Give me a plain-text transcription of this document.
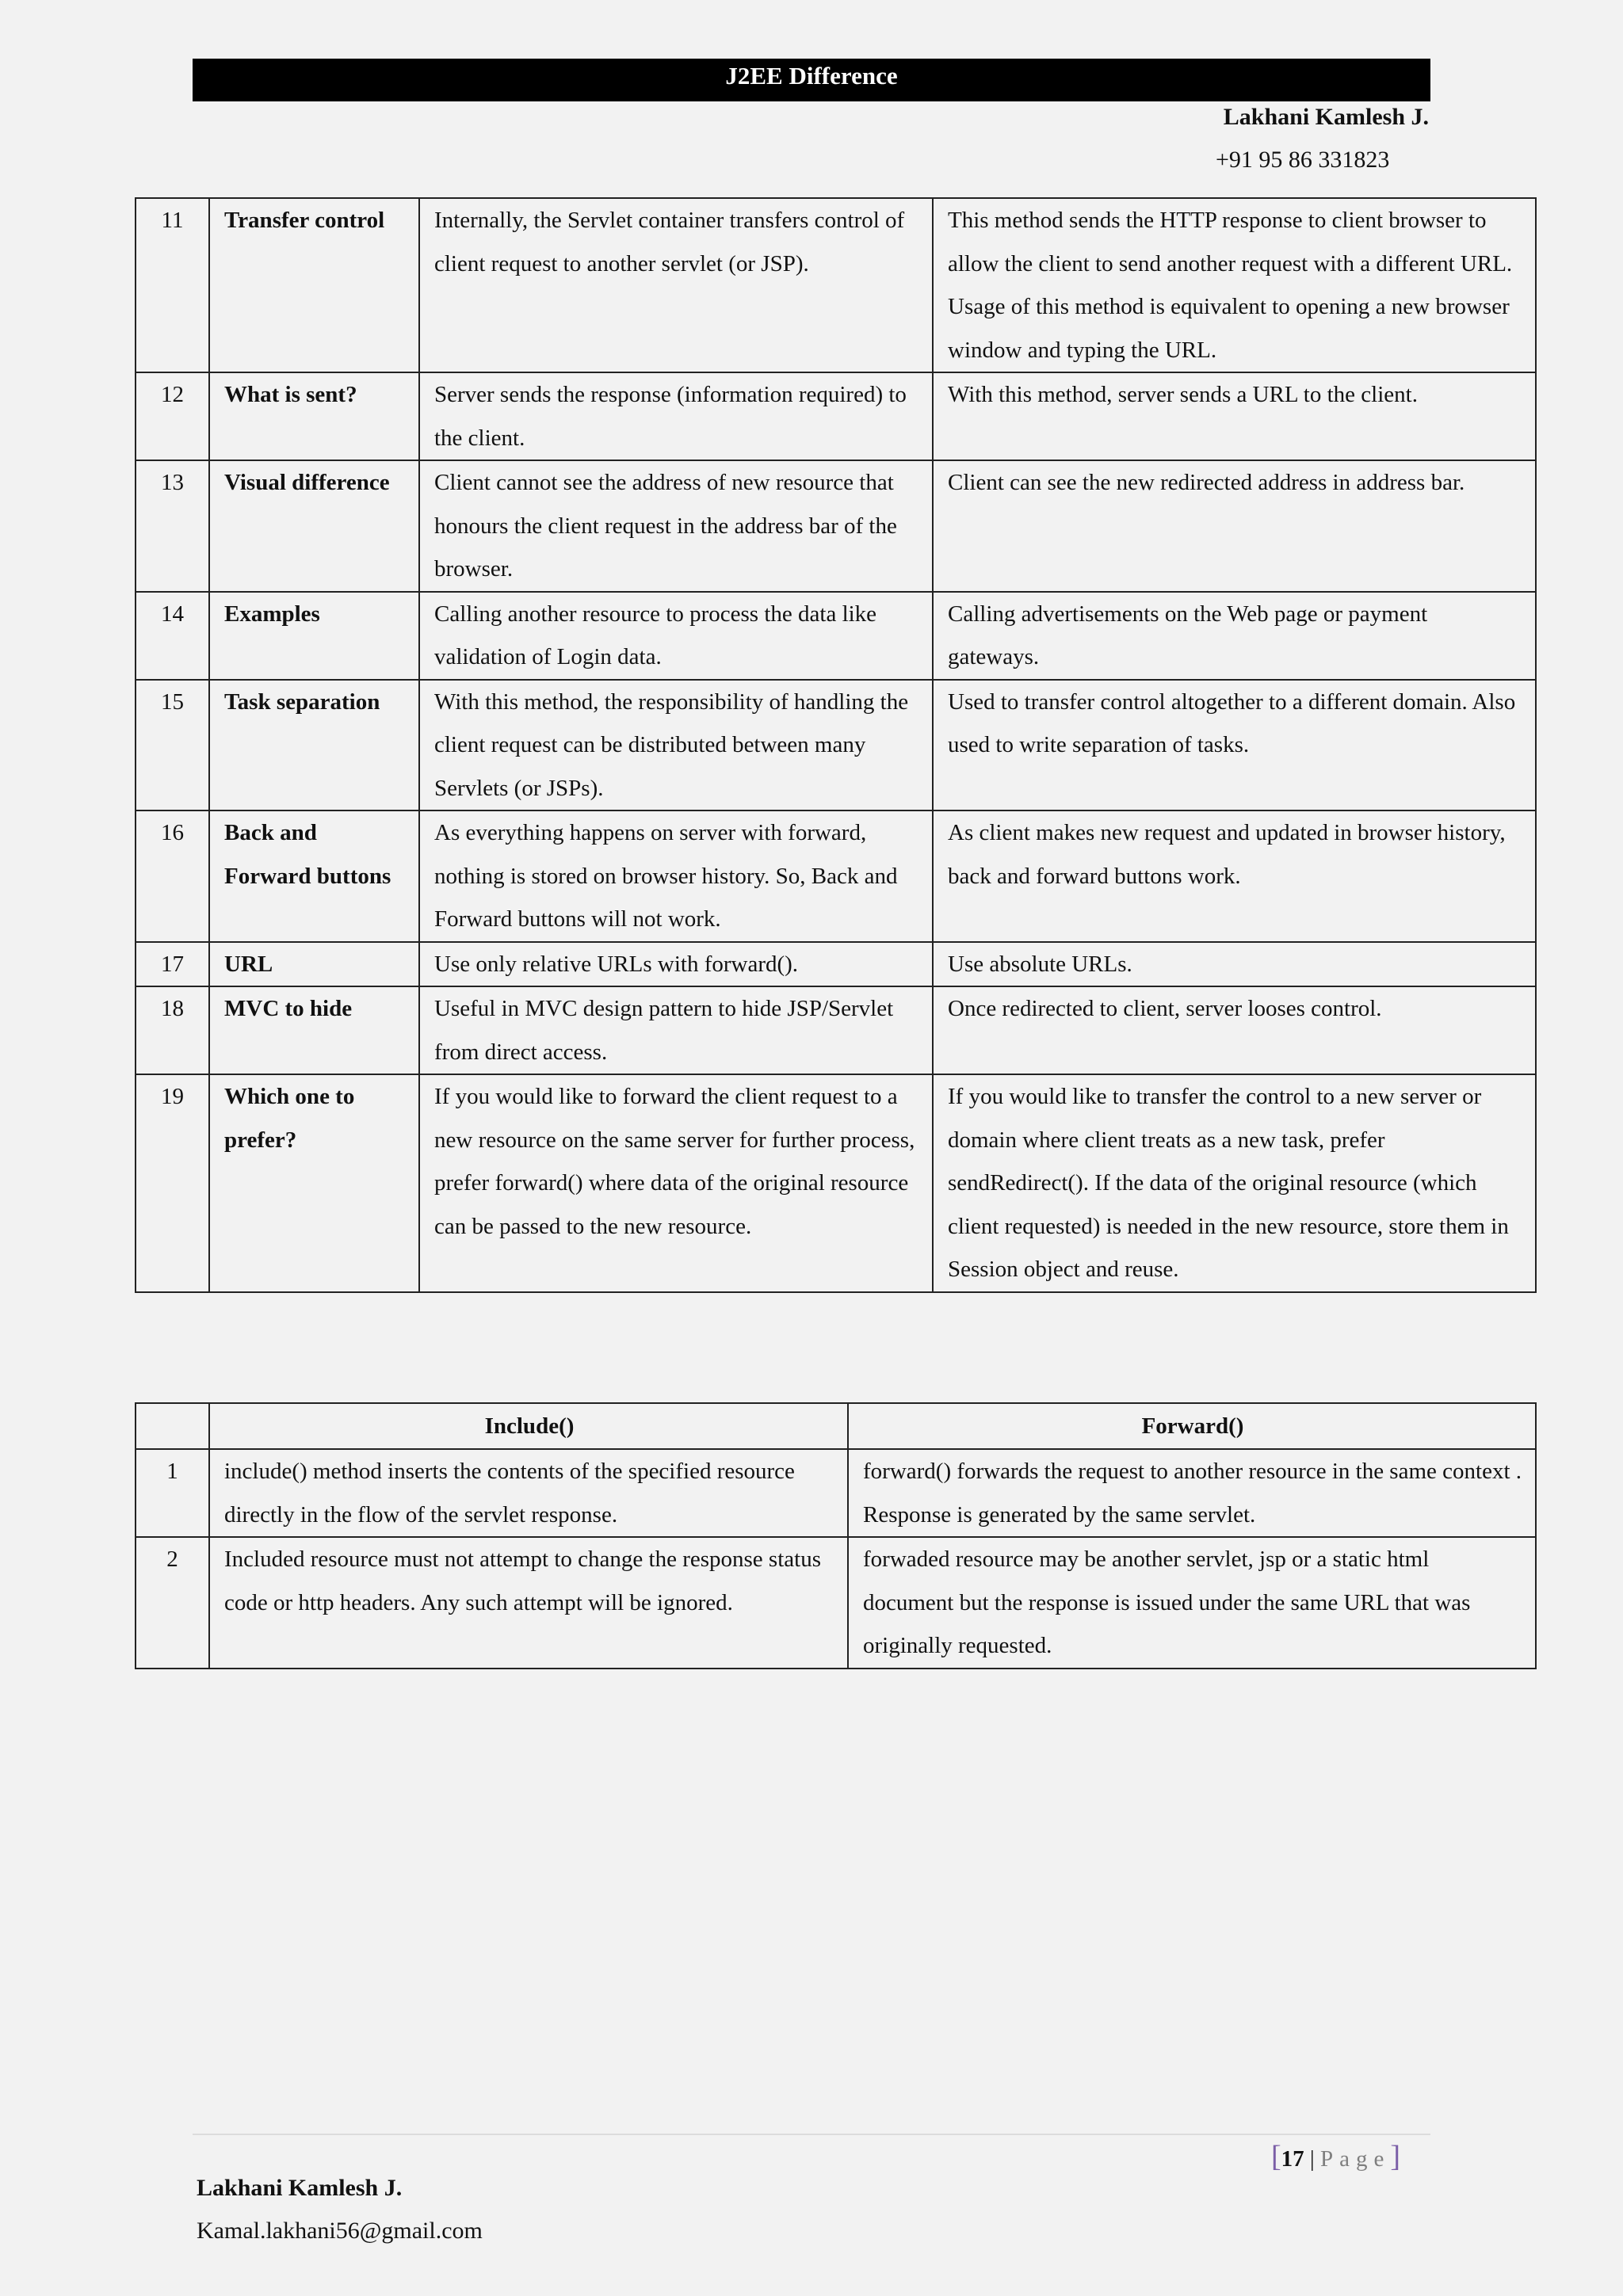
J2EE Difference
Lakhani Kamlesh J.
+91 95 86 331823
11	Transfer control	Internally, the Servlet container transfers control of client request to another servlet (or JSP).	This method sends the HTTP response to client browser to allow the client to send another request with a different URL. Usage of this method is equivalent to opening a new browser window and typing the URL.
12	What is sent?	Server sends the response (information required) to the client.	With this method, server sends a URL to the client.
13	Visual difference	Client cannot see the address of new resource that honours the client request in the address bar of the browser.	Client can see the new redirected address in address bar.
14	Examples	Calling another resource to process the data like validation of Login data.	Calling advertisements on the Web page or payment gateways.
15	Task separation	With this method, the responsibility of handling the client request can be distributed between many Servlets (or JSPs).	Used to transfer control altogether to a different domain. Also used to write separation of tasks.
16	Back and Forward buttons	As everything happens on server with forward, nothing is stored on browser history. So, Back and Forward buttons will not work.	As client makes new request and updated in browser history, back and forward buttons work.
17	URL	Use only relative URLs with forward().	Use absolute URLs.
18	MVC to hide	Useful in MVC design pattern to hide JSP/Servlet from direct access.	Once redirected to client, server looses control.
19	Which one to prefer?	If you would like to forward the client request to a new resource on the same server for further process, prefer forward() where data of the original resource can be passed to the new resource.	If you would like to transfer the control to a new server or domain where client treats as a new task, prefer sendRedirect(). If the data of the original resource (which client requested) is needed in the new resource, store them in Session object and reuse.
	Include()	Forward()
1	include() method inserts the contents of the specified resource directly in the flow of the servlet response.	forward() forwards the request to another resource in the same context . Response is generated by the same servlet.
2	Included resource must not attempt to change the response status code or http headers. Any such attempt will be ignored.	forwaded resource may be another servlet, jsp or a static html document but the response is issued under the same URL that was originally requested.
[17 | Page]
Lakhani Kamlesh J.
Kamal.lakhani56@gmail.com
